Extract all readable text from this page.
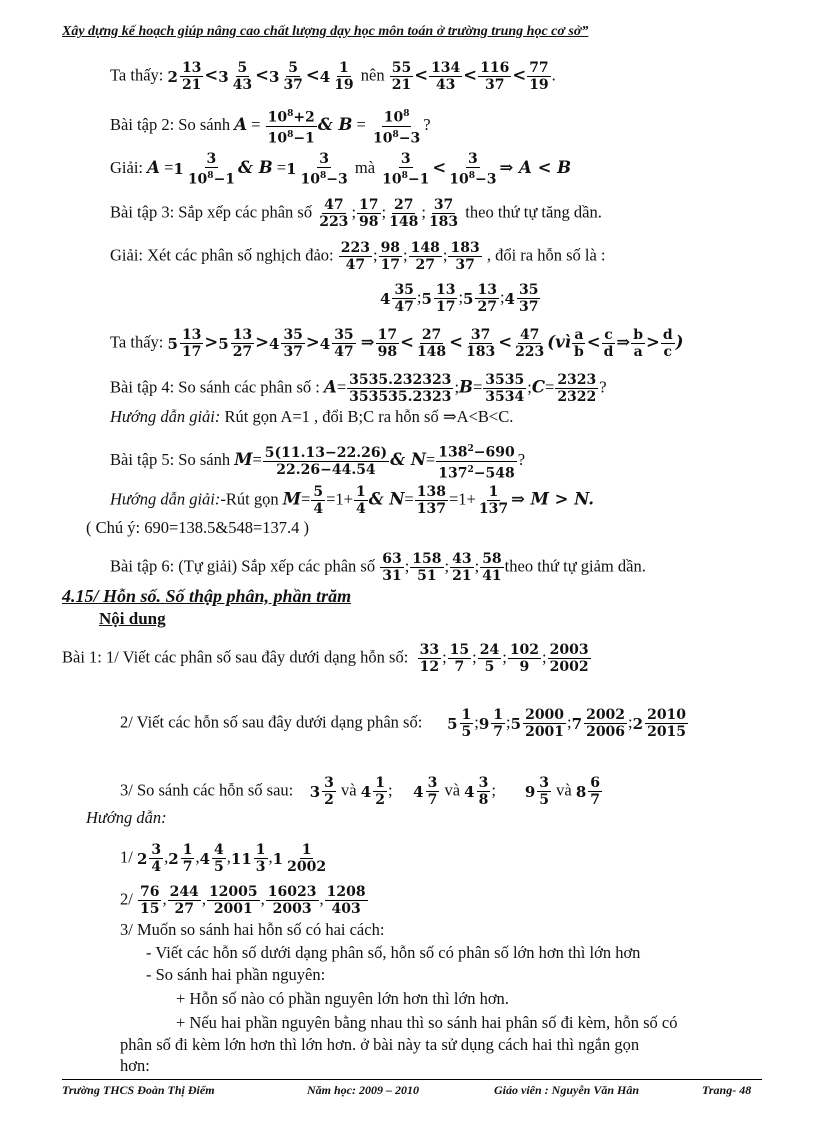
Xây dựng kế hoạch giúp nâng cao chất lượng dạy học môn toán ở trường trung học cơ sở”
Ta thấy: 2 13
21
< 3 5
43
< 3 5
37
< 4 1
19
nên $\frac{55}{21} < \frac{134}{43} < \frac{116}{37} < \frac{77}{19}$ .
Bài tập 2: So sánh $A = \frac{10^8+2}{10^8-1}$ & $B = \frac{10^8}{10^8-3}$ ?
Giải: A = 1
3
$10^8-1$
& B = 1
3
$10^8-3$
mà $\frac{3}{10^8-1} < \frac{3}{10^8-3}$ ⇒ A < B
Bài tập 3: Sắp xếp các phân số $\frac{47}{223}$ ; $\frac{17}{98}$ ; $\frac{27}{148}$ ; $\frac{37}{183}$ theo thứ tự tăng dần.
Giải: Xét các phân số nghịch đảo: $\frac{223}{47}$ ; $\frac{98}{17}$ ; $\frac{148}{27}$ ; $\frac{183}{37}$ , đổi ra hỗn số là :
4 35
47
; 5 13
17
; 5 13
27
; 4 35
37
Ta thấy: 5 13
17
> 5 13
27
> 4 35
37
> 4 35
47
⇒ $\frac{17}{98} < \frac{27}{148} < \frac{37}{183} < \frac{47}{223}$ (vì $\frac{a}{b} < \frac{c}{d}$ ⇒ $\frac{b}{a} > \frac{d}{c}$ )
Bài tập 4: So sánh các phân số : $A= \frac{3535.232323}{353535.2323}$ ;B= $\frac{3535}{3534}$ ;C= $\frac{2323}{2322}$ ?
Hướng dẫn giải: Rút gọn A=1 , đổi B;C ra hỗn số ⇒A<B<C.
Bài tập 5: So sánh $M= \frac{5(11.13-22.26)}{22.26-44.54}$ & $N= \frac{138^2-690}{137^2-548}$ ?
Hướng dẫn giải:-Rút gọn $M= \frac{5}{4} =1+ \frac{1}{4}$ & $N= \frac{138}{137} =1+ \frac{1}{137}$ ⇒ M > N.
( Chú ý: 690=138.5&548=137.4 )
Bài tập 6: (Tự giải) Sắp xếp các phân số $\frac{63}{31}$ ; $\frac{158}{51}$ ; $\frac{43}{21}$ ; $\frac{58}{41}$ theo thứ tự giảm dần.
4.15/ Hỗn số. Số thập phân, phần trăm
Nội dung
Bài 1: 1/ Viết các phân số sau đây dưới dạng hỗn số: $\frac{33}{12}$ ; $\frac{15}{7}$ ; $\frac{24}{5}$ ; $\frac{102}{9}$ ; $\frac{2003}{2002}$
2/ Viết các hỗn số sau đây dưới dạng phân số: 5 1
5
; 9 1
7
; 5 2000
2001
; 7 2002
2006
; 2 2010
2015
3/ So sánh các hỗn số sau: 3 3
2
và 4 1
2
; 4 3
7
và 4 3
8
; 9 3
5
và 8 6
7
Hướng dẫn:
1/ 2 3
4
, 2 1
7
, 4 4
5
, 11 1
3
, 1 1
2002
$2/ \frac{76}{15}$ , $\frac{244}{27}$ , $\frac{12005}{2001}$ , $\frac{16023}{2003}$ , $\frac{1208}{403}$
3/ Muốn so sánh hai hỗn số có hai cách:
- Viết các hỗn số dưới dạng phân số, hỗn số có phân số lớn hơn thì lớn hơn
- So sánh hai phần nguyên:
+ Hỗn số nào có phần nguyên lớn hơn thì lớn hơn.
+ Nếu hai phần nguyên bằng nhau thì so sánh hai phân số đi kèm, hỗn số có
phân số đi kèm lớn hơn thì lớn hơn. ở bài này ta sử dụng cách hai thì ngắn gọn
hơn:
Trường THCS Đoàn Thị Điểm	Năm học: 2009 – 2010	Giáo viên : Nguyễn Văn Hân	Trang- 48
